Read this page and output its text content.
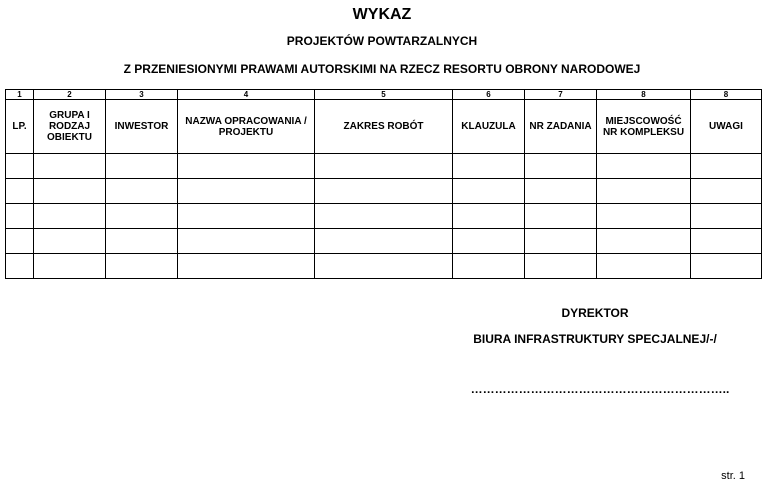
WYKAZ
PROJEKTÓW POWTARZALNYCH
Z PRZENIESIONYMI PRAWAMI AUTORSKIMI NA RZECZ RESORTU OBRONY NARODOWEJ
1	2	3	4	5	6	7	8	8
LP.	GRUPA I RODZAJ OBIEKTU	INWESTOR	NAZWA OPRACOWANIA / PROJEKTU	ZAKRES ROBÓT	KLAUZULA	NR ZADANIA	MIEJSCOWOŚĆ NR KOMPLEKSU	UWAGI

DYREKTOR
BIURA INFRASTRUKTURY SPECJALNEJ/-/
………………………………………………………..
str. 1
